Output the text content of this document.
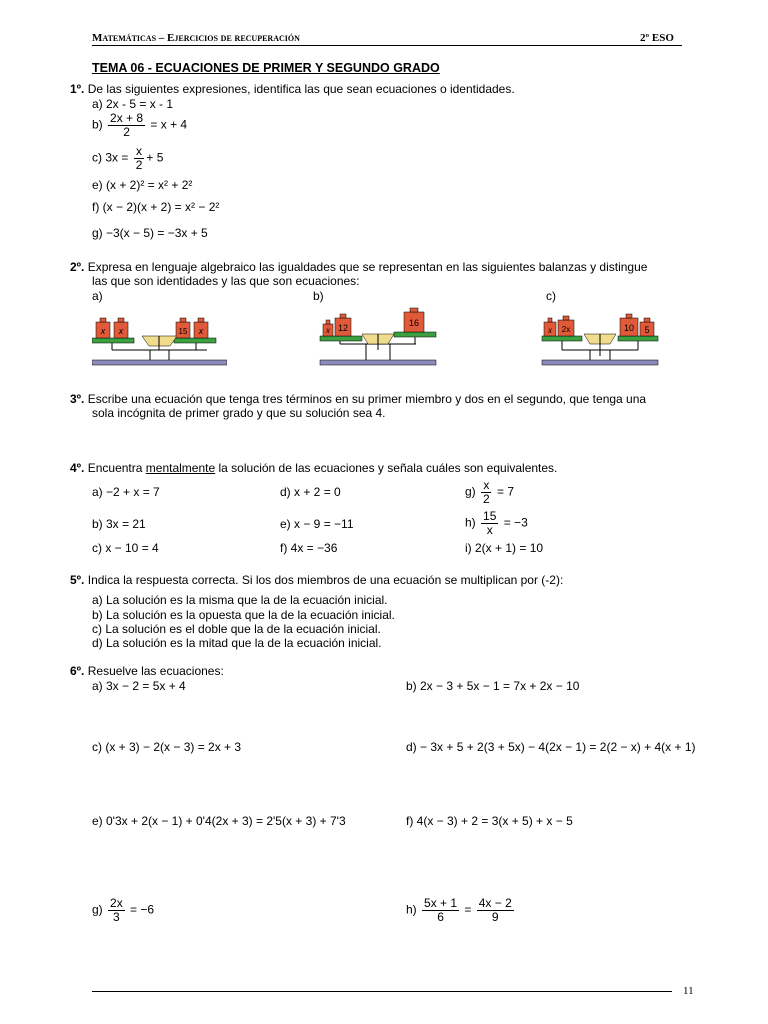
Matemáticas – Ejercicios de recuperación	2º ESO
TEMA 06 - ECUACIONES DE PRIMER Y SEGUNDO GRADO
1º. De las siguientes expresiones, identifica las que sean ecuaciones o identidades.
a) 2x - 5 = x - 1
$b) \frac{2x + 8}{2} = x + 4$
c) $3x = \frac{x}{2} + 5$
e) (x + 2)² = x² + 2²
f) (x − 2)(x + 2) = x² − 2²
g) −3(x − 5) = −3x + 5
2º. Expresa en lenguaje algebraico las igualdades que se representan en las siguientes balanzas y distingue
las que son identidades y las que son ecuaciones:
a)	b)	c)
x x	15 x	x 12	16
x 2x	10 5
3º. Escribe una ecuación que tenga tres términos en su primer miembro y dos en el segundo, que tenga una
sola incógnita de primer grado y que su solución sea 4.
4º. Encuentra mentalmente la solución de las ecuaciones y señala cuáles son equivalentes.
a) −2 + x = 7	d) x + 2 = 0	$g) \frac{x}{2} = 7$
b) 3x = 21	e) x − 9 = −11	$h) \frac{15}{x} = -3$
c) x − 10 = 4	f) 4x = −36	i) 2(x + 1) = 10
5º. Indica la respuesta correcta. Si los dos miembros de una ecuación se multiplican por (-2):
a) La solución es la misma que la de la ecuación inicial.
b) La solución es la opuesta que la de la ecuación inicial.
c) La solución es el doble que la de la ecuación inicial.
d) La solución es la mitad que la de la ecuación inicial.
6º. Resuelve las ecuaciones:
a) 3x − 2 = 5x + 4	b) 2x − 3 + 5x − 1 = 7x + 2x − 10
c) (x + 3) − 2(x − 3) = 2x + 3	d) − 3x + 5 + 2(3 + 5x) − 4(2x − 1) = 2(2 − x) + 4(x + 1)
e) 0'3x + 2(x − 1) + 0'4(2x + 3) = 2'5(x + 3) + 7'3	f) 4(x − 3) + 2 = 3(x + 5) + x − 5
$g) \frac{2x}{3} = -6$	$h) \frac{5x + 1}{6} = \frac{4x - 2}{9}$
11
